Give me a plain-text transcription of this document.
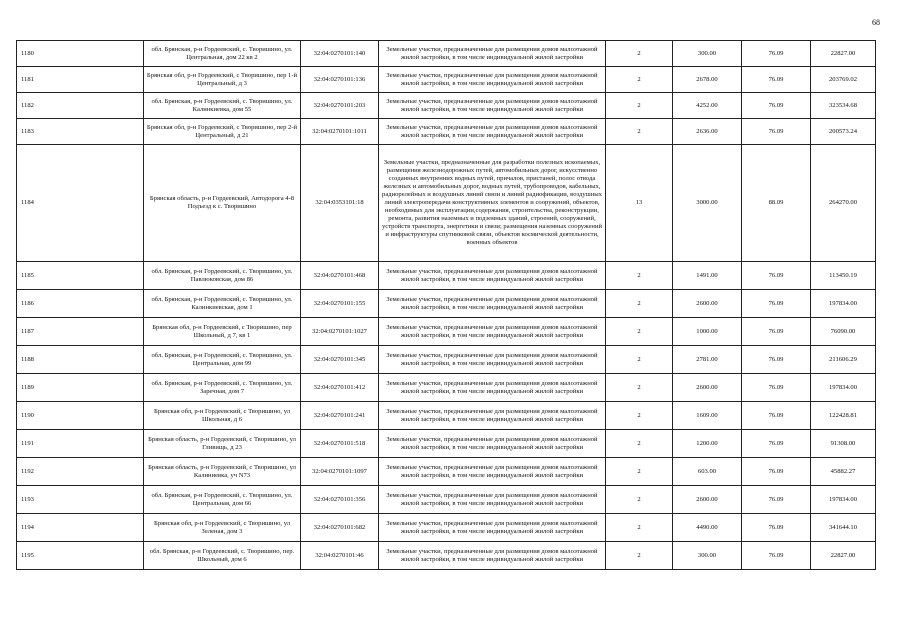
68
1180	обл. Брянская, р-н Гордеевский, с. Творишино, ул. Центральная, дом 22 кв 2	32:04:0270101:140	Земельные участки, предназначенные для размещения домов малоэтажной жилой застройки, в том числе индивидуальной жилой застройки	2	300.00	76.09	22827.00
1181	Брянская обл, р-н Гордеевский, с Творишино, пер 1-й Центральный, д 3	32:04:0270101:136	Земельные участки, предназначенные для размещения домов малоэтажной жилой застройки, в том числе индивидуальной жилой застройки	2	2678.00	76.09	203769.02
1182	обл. Брянская, р-н Гордеевский, с. Творишино, ул. Калинкиевка, дом 55	32:04:0270101:203	Земельные участки, предназначенные для размещения домов малоэтажной жилой застройки, в том числе индивидуальной жилой застройки	2	4252.00	76.09	323534.68
1183	Брянская обл, р-н Гордеевский, с Творишино, пер 2-й Центральный, д 21	32:04:0270101:1011	Земельные участки, предназначенные для размещения домов малоэтажной жилой застройки, в том числе индивидуальной жилой застройки	2	2636.00	76.09	200573.24
1184	Брянская область, р-н Гордеевский, Автодорога 4-8 Подъезд к с. Творишино	32:04:0353101:18	Земельные участки, предназначенные для разработки полезных ископаемых, размещения железнодорожных путей, автомобильных дорог, искусственно созданных внутренних водных путей, причалов, пристаней, полос отвода железных и автомобильных дорог, водных путей, трубопроводов, кабельных, радиорелейных и воздушных линий связи и линий радиофикации, воздушных линий электропередачи конструктивных элементов и сооружений, объектов, необходимых для эксплуатации,содержания, строительства, реконструкции, ремонта, развития наземных и подземных зданий, строений, сооружений, устройств транспорта, энергетики и связи; размещения наземных сооружений и инфраструктуры спутниковой связи, объектов космической деятельности, военных объектов	13	3000.00	88.09	264270.00
1185	обл. Брянская, р-н Гордеевский, с. Творишино, ул. Павлюковская, дом 86	32:04:0270101:468	Земельные участки, предназначенные для размещения домов малоэтажной жилой застройки, в том числе индивидуальной жилой застройки	2	1491.00	76.09	113450.19
1186	обл. Брянская, р-н Гордеевский, с. Творишино, ул. Калинкиевская, дом 1	32:04:0270101:155	Земельные участки, предназначенные для размещения домов малоэтажной жилой застройки, в том числе индивидуальной жилой застройки	2	2600.00	76.09	197834.00
1187	Брянская обл, р-н Гордеевский, с Творишино, пер Школьный, д 7, кв 1	32:04:0270101:1027	Земельные участки, предназначенные для размещения домов малоэтажной жилой застройки, в том числе индивидуальной жилой застройки	2	1000.00	76.09	76090.00
1188	обл. Брянская, р-н Гордеевский, с. Творишино, ул. Центральная, дом 99	32:04:0270101:345	Земельные участки, предназначенные для размещения домов малоэтажной жилой застройки, в том числе индивидуальной жилой застройки	2	2781.00	76.09	211606.29
1189	обл. Брянская, р-н Гордеевский, с. Творишино, ул. Заречная, дом 7	32:04:0270101:412	Земельные участки, предназначенные для размещения домов малоэтажной жилой застройки, в том числе индивидуальной жилой застройки	2	2600.00	76.09	197834.00
1190	Брянская обл, р-н Гордеевский, с Творишино, ул Школьная, д 6	32:04:0270101:241	Земельные участки, предназначенные для размещения домов малоэтажной жилой застройки, в том числе индивидуальной жилой застройки	2	1609.00	76.09	122428.81
1191	Брянская область, р-н Гордеевский, с Творишино, ул Гливищь, д 23	32:04:0270101:518	Земельные участки, предназначенные для размещения домов малоэтажной жилой застройки, в том числе индивидуальной жилой застройки	2	1200.00	76.09	91308.00
1192	Брянская область, р-н Гордеевский, с Творишино, ул Калиниевка, уч N73	32:04:0270101:1097	Земельные участки, предназначенные для размещения домов малоэтажной жилой застройки, в том числе индивидуальной жилой застройки	2	603.00	76.09	45882.27
1193	обл. Брянская, р-н Гордеевский, с. Творишино, ул. Центральная, дом 66	32:04:0270101:356	Земельные участки, предназначенные для размещения домов малоэтажной жилой застройки, в том числе индивидуальной жилой застройки	2	2600.00	76.09	197834.00
1194	Брянская обл, р-н Гордеевский, с Творишино, ул Зеленая, дом 3	32:04:0270101:682	Земельные участки, предназначенные для размещения домов малоэтажной жилой застройки, в том числе индивидуальной жилой застройки	2	4490.00	76.09	341644.10
1195	обл. Брянская, р-н Гордеевский, с. Творишино, пер. Школьный, дом 6	32:04:0270101:46	Земельные участки, предназначенные для размещения домов малоэтажной жилой застройки, в том числе индивидуальной жилой застройки	2	300.00	76.09	22827.00
